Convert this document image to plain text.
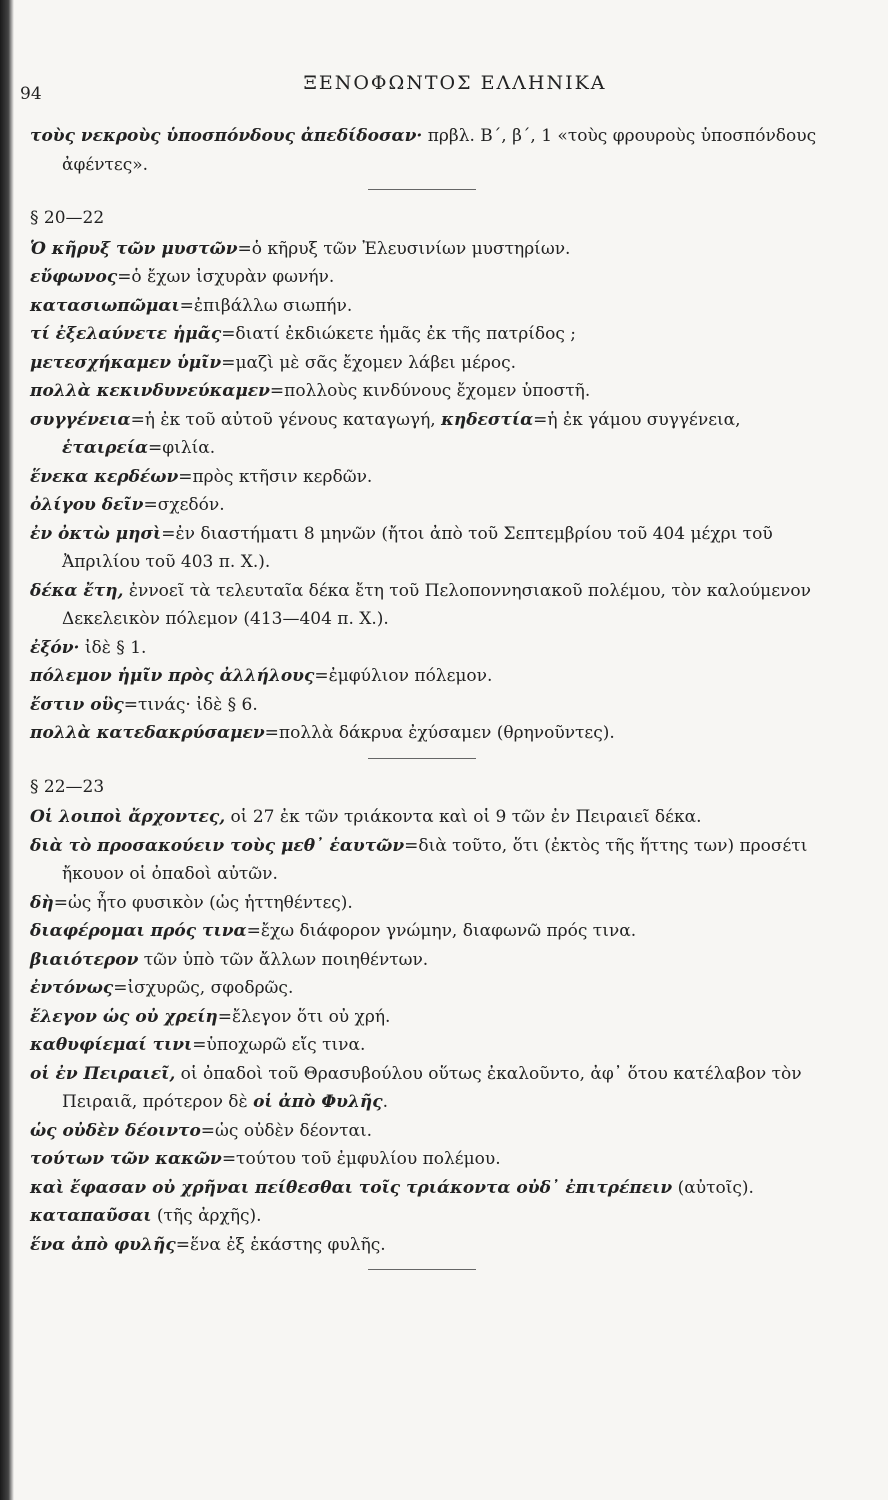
94	ΞΕΝΟΦΩΝΤΟΣ ΕΛΛΗΝΙΚΑ

τοὺς νεκροὺς ὑποσπόνδους ἀπεδίδοσαν· πρβλ. Β΄, β΄, 1 «τοὺς φρουροὺς ὑποσπόνδους ἀφέντες».

§ 20—22

Ὁ κῆρυξ τῶν μυστῶν=ὁ κῆρυξ τῶν Ἐλευσινίων μυστηρίων.

εὔφωνος=ὁ ἔχων ἰσχυρὰν φωνήν.

κατασιωπῶμαι=ἐπιβάλλω σιωπήν.

τί ἐξελαύνετε ἡμᾶς=διατί ἐκδιώκετε ἡμᾶς ἐκ τῆς πατρίδος ;

μετεσχήκαμεν ὑμῖν=μαζὶ μὲ σᾶς ἔχομεν λάβει μέρος.

πολλὰ κεκινδυνεύκαμεν=πολλοὺς κινδύνους ἔχομεν ὑποστῆ.

συγγένεια=ἡ ἐκ τοῦ αὐτοῦ γένους καταγωγή, κηδεστία=ἡ ἐκ γάμου συγγένεια, ἑταιρεία=φιλία.

ἕνεκα κερδέων=πρὸς κτῆσιν κερδῶν.

ὀλίγου δεῖν=σχεδόν.

ἐν ὀκτὼ μησὶ=ἐν διαστήματι 8 μηνῶν (ἤτοι ἀπὸ τοῦ Σεπτεμβρίου τοῦ 404 μέχρι τοῦ Ἀπριλίου τοῦ 403 π. Χ.).

δέκα ἔτη, ἐννοεῖ τὰ τελευταῖα δέκα ἔτη τοῦ Πελοποννησιακοῦ πολέμου, τὸν καλούμενον Δεκελεικὸν πόλεμον (413—404 π. Χ.).

ἐξόν· ἰδὲ § 1.

πόλεμον ἡμῖν πρὸς ἀλλήλους=ἐμφύλιον πόλεμον.

ἔστιν οὓς=τινάς· ἰδὲ § 6.

πολλὰ κατεδακρύσαμεν=πολλὰ δάκρυα ἐχύσαμεν (θρηνοῦντες).

§ 22—23

Οἱ λοιποὶ ἄρχοντες, οἱ 27 ἐκ τῶν τριάκοντα καὶ οἱ 9 τῶν ἐν Πειραιεῖ δέκα.

διὰ τὸ προσακούειν τοὺς μεθ᾽ ἑαυτῶν=διὰ τοῦτο, ὅτι (ἐκτὸς τῆς ἥττης των) προσέτι ἤκουον οἱ ὀπαδοὶ αὐτῶν.

δὴ=ὡς ἦτο φυσικὸν (ὡς ἡττηθέντες).

διαφέρομαι πρός τινα=ἔχω διάφορον γνώμην, διαφωνῶ πρός τινα.

βιαιότερον τῶν ὑπὸ τῶν ἄλλων ποιηθέντων.

ἐντόνως=ἰσχυρῶς, σφοδρῶς.

ἔλεγον ὡς οὐ χρείη=ἔλεγον ὅτι οὐ χρή.

καθυφίεμαί τινι=ὑποχωρῶ εἴς τινα.

οἱ ἐν Πειραιεῖ, οἱ ὀπαδοὶ τοῦ Θρασυβούλου οὕτως ἐκαλοῦντο, ἀφ᾽ ὅτου κατέλαβον τὸν Πειραιᾶ, πρότερον δὲ οἱ ἀπὸ Φυλῆς.

ὡς οὐδὲν δέοιντο=ὡς οὐδὲν δέονται.

τούτων τῶν κακῶν=τούτου τοῦ ἐμφυλίου πολέμου.

καὶ ἔφασαν οὐ χρῆναι πείθεσθαι τοῖς τριάκοντα οὐδ᾽ ἐπιτρέπειν (αὐτοῖς).

καταπαῦσαι (τῆς ἀρχῆς).

ἕνα ἀπὸ φυλῆς=ἕνα ἐξ ἑκάστης φυλῆς.
